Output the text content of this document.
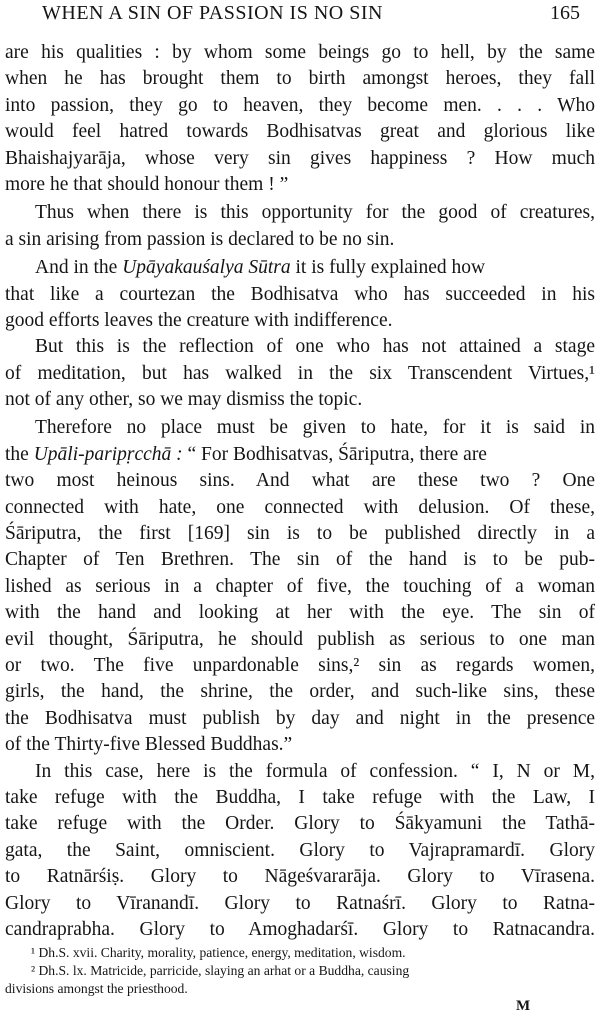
WHEN A SIN OF PASSION IS NO SIN	165
are his qualities : by whom some beings go to hell, by the same
when he has brought them to birth amongst heroes, they fall
into passion, they go to heaven, they become men. . . . Who
would feel hatred towards Bodhisatvas great and glorious like
Bhaishajyarāja, whose very sin gives happiness ? How much
more he that should honour them ! ”
Thus when there is this opportunity for the good of creatures,
a sin arising from passion is declared to be no sin.
And in the Upāyakauśalya Sūtra it is fully explained how
that like a courtezan the Bodhisatva who has succeeded in his
good efforts leaves the creature with indifference.
But this is the reflection of one who has not attained a stage
of meditation, but has walked in the six Transcendent Virtues,¹
not of any other, so we may dismiss the topic.
Therefore no place must be given to hate, for it is said in
the Upāli-paripṛcchā : “ For Bodhisatvas, Śāriputra, there are
two most heinous sins. And what are these two ? One
connected with hate, one connected with delusion. Of these,
Śāriputra, the first [169] sin is to be published directly in a
Chapter of Ten Brethren. The sin of the hand is to be pub-
lished as serious in a chapter of five, the touching of a woman
with the hand and looking at her with the eye. The sin of
evil thought, Śāriputra, he should publish as serious to one man
or two. The five unpardonable sins,² sin as regards women,
girls, the hand, the shrine, the order, and such-like sins, these
the Bodhisatva must publish by day and night in the presence
of the Thirty-five Blessed Buddhas.”
In this case, here is the formula of confession. “ I, N or M,
take refuge with the Buddha, I take refuge with the Law, I
take refuge with the Order. Glory to Śākyamuni the Tathā-
gata, the Saint, omniscient. Glory to Vajrapramardī. Glory
to Ratnārśiṣ. Glory to Nāgeśvararāja. Glory to Vīrasena.
Glory to Vīranandī. Glory to Ratnaśrī. Glory to Ratna-
candraprabha. Glory to Amoghadarśī. Glory to Ratnacandra.
¹ Dh.S. xvii. Charity, morality, patience, energy, meditation, wisdom.
² Dh.S. lx. Matricide, parricide, slaying an arhat or a Buddha, causing
divisions amongst the priesthood.
M
